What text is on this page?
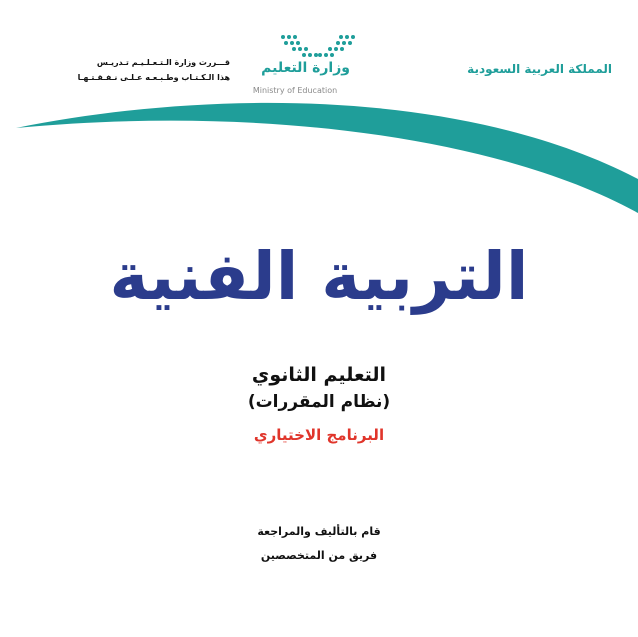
المملكة العربية السعودية
وزارة التعليم
Ministry of Education
قـــررت وزارة الـتـعـلـيـم تـدريـس
هذا الـكـتـاب وطـبـعـه عـلـى نـفـقـتـهـا
التربية الفنية
التعليم الثانوي
(نظام المقررات)
البرنامج الاختياري
قام بالتأليف والمراجعة
فريق من المتخصصين
